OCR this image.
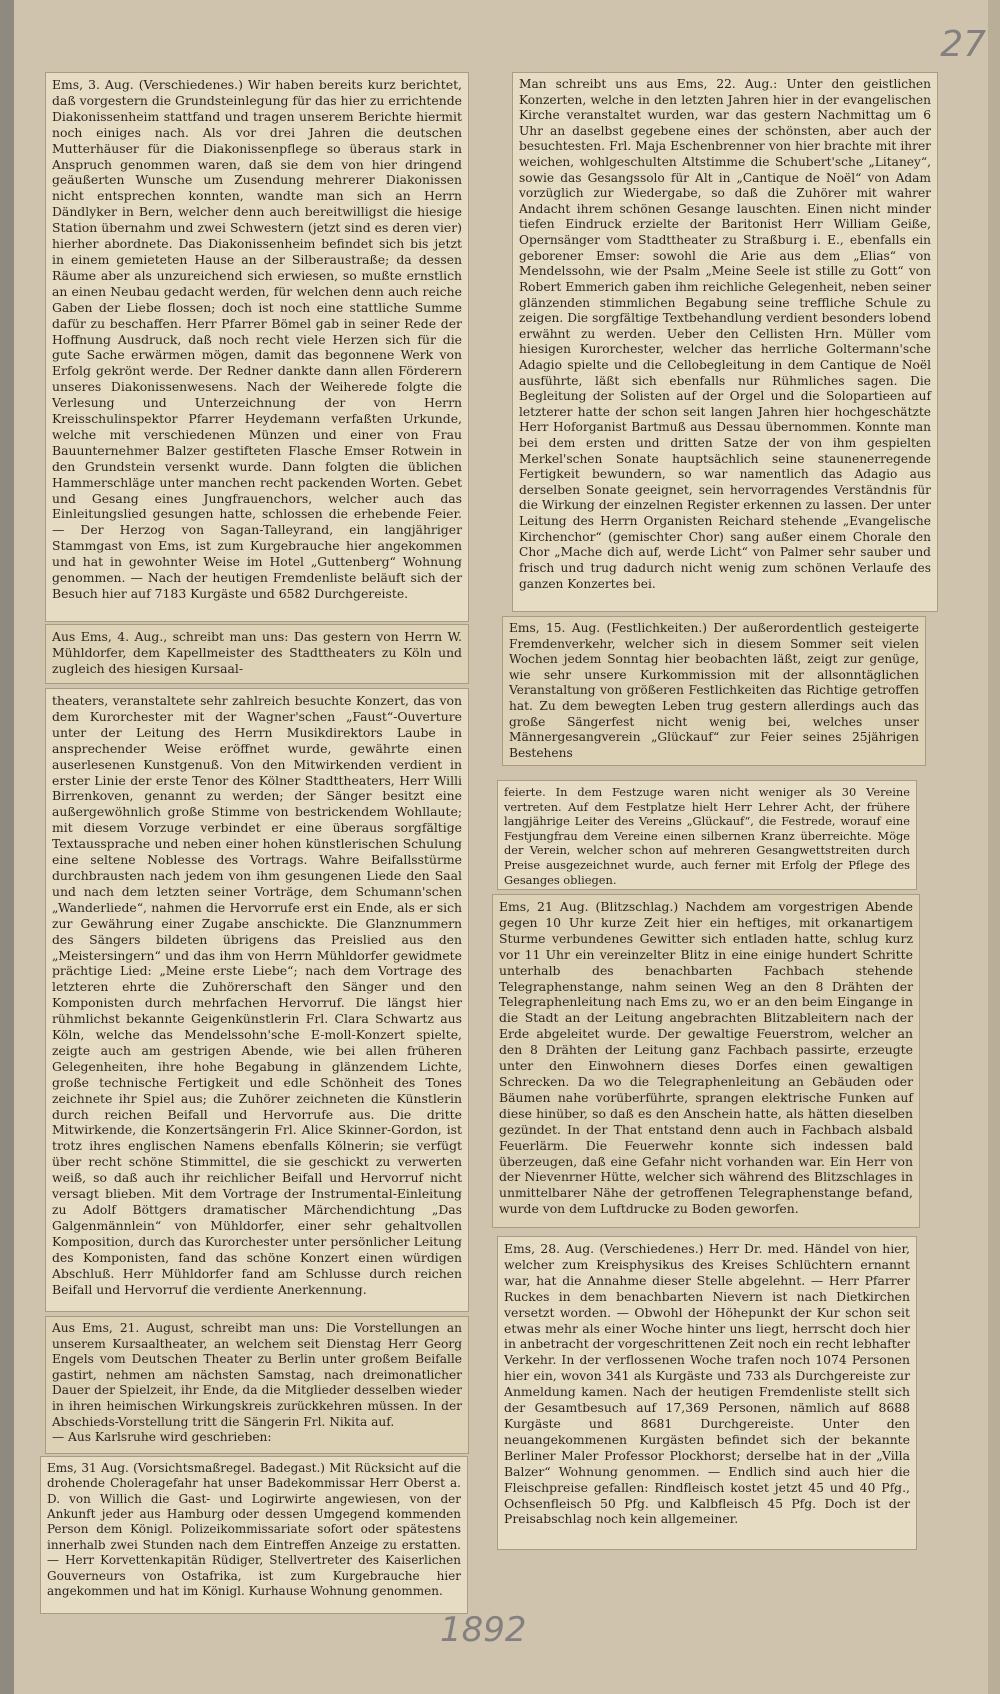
27

Ems, 3. Aug. (Verschiedenes.) Wir haben bereits kurz berichtet, daß vorgestern die Grundsteinlegung für das hier zu errichtende Diakonissenheim stattfand und tragen unserem Berichte hiermit noch einiges nach. Als vor drei Jahren die deutschen Mutterhäuser für die Diakonissenpflege so überaus stark in Anspruch genommen waren, daß sie dem von hier dringend geäußerten Wunsche um Zusendung mehrerer Diakonissen nicht entsprechen konnten, wandte man sich an Herrn Dändlyker in Bern, welcher denn auch bereitwilligst die hiesige Station übernahm und zwei Schwestern (jetzt sind es deren vier) hierher abordnete. Das Diakonissenheim befindet sich bis jetzt in einem gemieteten Hause an der Silberaustraße; da dessen Räume aber als unzureichend sich erwiesen, so mußte ernstlich an einen Neubau gedacht werden, für welchen denn auch reiche Gaben der Liebe flossen; doch ist noch eine stattliche Summe dafür zu beschaffen. Herr Pfarrer Bömel gab in seiner Rede der Hoffnung Ausdruck, daß noch recht viele Herzen sich für die gute Sache erwärmen mögen, damit das begonnene Werk von Erfolg gekrönt werde. Der Redner dankte dann allen Förderern unseres Diakonissenwesens. Nach der Weiherede folgte die Verlesung und Unterzeichnung der von Herrn Kreisschulinspektor Pfarrer Heydemann verfaßten Urkunde, welche mit verschiedenen Münzen und einer von Frau Bauunternehmer Balzer gestifteten Flasche Emser Rotwein in den Grundstein versenkt wurde. Dann folgten die üblichen Hammerschläge unter manchen recht packenden Worten. Gebet und Gesang eines Jungfrauenchors, welcher auch das Einleitungslied gesungen hatte, schlossen die erhebende Feier. — Der Herzog von Sagan-Talleyrand, ein langjähriger Stammgast von Ems, ist zum Kurgebrauche hier angekommen und hat in gewohnter Weise im Hotel „Guttenberg“ Wohnung genommen. — Nach der heutigen Fremdenliste beläuft sich der Besuch hier auf 7183 Kurgäste und 6582 Durchgereiste.

Aus Ems, 4. Aug., schreibt man uns: Das gestern von Herrn W. Mühldorfer, dem Kapellmeister des Stadttheaters zu Köln und zugleich des hiesigen Kursaal-

theaters, veranstaltete sehr zahlreich besuchte Konzert, das von dem Kurorchester mit der Wagner'schen „Faust“-Ouverture unter der Leitung des Herrn Musikdirektors Laube in ansprechender Weise eröffnet wurde, gewährte einen auserlesenen Kunstgenuß. Von den Mitwirkenden verdient in erster Linie der erste Tenor des Kölner Stadttheaters, Herr Willi Birrenkoven, genannt zu werden; der Sänger besitzt eine außergewöhnlich große Stimme von bestrickendem Wohllaute; mit diesem Vorzuge verbindet er eine überaus sorgfältige Textaussprache und neben einer hohen künstlerischen Schulung eine seltene Noblesse des Vortrags. Wahre Beifallsstürme durchbrausten nach jedem von ihm gesungenen Liede den Saal und nach dem letzten seiner Vorträge, dem Schumann'schen „Wanderliede“, nahmen die Hervorrufe erst ein Ende, als er sich zur Gewährung einer Zugabe anschickte. Die Glanznummern des Sängers bildeten übrigens das Preislied aus den „Meistersingern“ und das ihm von Herrn Mühldorfer gewidmete prächtige Lied: „Meine erste Liebe“; nach dem Vortrage des letzteren ehrte die Zuhörerschaft den Sänger und den Komponisten durch mehrfachen Hervorruf. Die längst hier rühmlichst bekannte Geigenkünstlerin Frl. Clara Schwartz aus Köln, welche das Mendelssohn'sche E-moll-Konzert spielte, zeigte auch am gestrigen Abende, wie bei allen früheren Gelegenheiten, ihre hohe Begabung in glänzendem Lichte, große technische Fertigkeit und edle Schönheit des Tones zeichnete ihr Spiel aus; die Zuhörer zeichneten die Künstlerin durch reichen Beifall und Hervorrufe aus. Die dritte Mitwirkende, die Konzertsängerin Frl. Alice Skinner-Gordon, ist trotz ihres englischen Namens ebenfalls Kölnerin; sie verfügt über recht schöne Stimmittel, die sie geschickt zu verwerten weiß, so daß auch ihr reichlicher Beifall und Hervorruf nicht versagt blieben. Mit dem Vortrage der Instrumental-Einleitung zu Adolf Böttgers dramatischer Märchendichtung „Das Galgenmännlein“ von Mühldorfer, einer sehr gehaltvollen Komposition, durch das Kurorchester unter persönlicher Leitung des Komponisten, fand das schöne Konzert einen würdigen Abschluß. Herr Mühldorfer fand am Schlusse durch reichen Beifall und Hervorruf die verdiente Anerkennung.

Aus Ems, 21. August, schreibt man uns: Die Vorstellungen an unserem Kursaaltheater, an welchem seit Dienstag Herr Georg Engels vom Deutschen Theater zu Berlin unter großem Beifalle gastirt, nehmen am nächsten Samstag, nach dreimonatlicher Dauer der Spielzeit, ihr Ende, da die Mitglieder desselben wieder in ihren heimischen Wirkungskreis zurückkehren müssen. In der Abschieds-Vorstellung tritt die Sängerin Frl. Nikita auf.
— Aus Karlsruhe wird geschrieben:

Ems, 31 Aug. (Vorsichtsmaßregel. Badegast.) Mit Rücksicht auf die drohende Choleragefahr hat unser Badekommissar Herr Oberst a. D. von Willich die Gast- und Logirwirte angewiesen, von der Ankunft jeder aus Hamburg oder dessen Umgegend kommenden Person dem Königl. Polizeikommissariate sofort oder spätestens innerhalb zwei Stunden nach dem Eintreffen Anzeige zu erstatten. — Herr Korvettenkapitän Rüdiger, Stellvertreter des Kaiserlichen Gouverneurs von Ostafrika, ist zum Kurgebrauche hier angekommen und hat im Königl. Kurhause Wohnung genommen.

Man schreibt uns aus Ems, 22. Aug.: Unter den geistlichen Konzerten, welche in den letzten Jahren hier in der evangelischen Kirche veranstaltet wurden, war das gestern Nachmittag um 6 Uhr an daselbst gegebene eines der schönsten, aber auch der besuchtesten. Frl. Maja Eschenbrenner von hier brachte mit ihrer weichen, wohlgeschulten Altstimme die Schubert'sche „Litaney“, sowie das Gesangssolo für Alt in „Cantique de Noël“ von Adam vorzüglich zur Wiedergabe, so daß die Zuhörer mit wahrer Andacht ihrem schönen Gesange lauschten. Einen nicht minder tiefen Eindruck erzielte der Baritonist Herr William Geiße, Opernsänger vom Stadttheater zu Straßburg i. E., ebenfalls ein geborener Emser: sowohl die Arie aus dem „Elias“ von Mendelssohn, wie der Psalm „Meine Seele ist stille zu Gott“ von Robert Emmerich gaben ihm reichliche Gelegenheit, neben seiner glänzenden stimmlichen Begabung seine treffliche Schule zu zeigen. Die sorgfältige Textbehandlung verdient besonders lobend erwähnt zu werden. Ueber den Cellisten Hrn. Müller vom hiesigen Kurorchester, welcher das herrliche Goltermann'sche Adagio spielte und die Cellobegleitung in dem Cantique de Noël ausführte, läßt sich ebenfalls nur Rühmliches sagen. Die Begleitung der Solisten auf der Orgel und die Solopartieen auf letzterer hatte der schon seit langen Jahren hier hochgeschätzte Herr Hoforganist Bartmuß aus Dessau übernommen. Konnte man bei dem ersten und dritten Satze der von ihm gespielten Merkel'schen Sonate hauptsächlich seine staunenerregende Fertigkeit bewundern, so war namentlich das Adagio aus derselben Sonate geeignet, sein hervorragendes Verständnis für die Wirkung der einzelnen Register erkennen zu lassen. Der unter Leitung des Herrn Organisten Reichard stehende „Evangelische Kirchenchor“ (gemischter Chor) sang außer einem Chorale den Chor „Mache dich auf, werde Licht“ von Palmer sehr sauber und frisch und trug dadurch nicht wenig zum schönen Verlaufe des ganzen Konzertes bei.

Ems, 15. Aug. (Festlichkeiten.) Der außerordentlich gesteigerte Fremdenverkehr, welcher sich in diesem Sommer seit vielen Wochen jedem Sonntag hier beobachten läßt, zeigt zur genüge, wie sehr unsere Kurkommission mit der allsonntäglichen Veranstaltung von größeren Festlichkeiten das Richtige getroffen hat. Zu dem bewegten Leben trug gestern allerdings auch das große Sängerfest nicht wenig bei, welches unser Männergesangverein „Glückauf“ zur Feier seines 25jährigen Bestehens

feierte. In dem Festzuge waren nicht weniger als 30 Vereine vertreten. Auf dem Festplatze hielt Herr Lehrer Acht, der frühere langjährige Leiter des Vereins „Glückauf“, die Festrede, worauf eine Festjungfrau dem Vereine einen silbernen Kranz überreichte. Möge der Verein, welcher schon auf mehreren Gesangwettstreiten durch Preise ausgezeichnet wurde, auch ferner mit Erfolg der Pflege des Gesanges obliegen.

Ems, 21 Aug. (Blitzschlag.) Nachdem am vorgestrigen Abende gegen 10 Uhr kurze Zeit hier ein heftiges, mit orkanartigem Sturme verbundenes Gewitter sich entladen hatte, schlug kurz vor 11 Uhr ein vereinzelter Blitz in eine einige hundert Schritte unterhalb des benachbarten Fachbach stehende Telegraphenstange, nahm seinen Weg an den 8 Drähten der Telegraphenleitung nach Ems zu, wo er an den beim Eingange in die Stadt an der Leitung angebrachten Blitzableitern nach der Erde abgeleitet wurde. Der gewaltige Feuerstrom, welcher an den 8 Drähten der Leitung ganz Fachbach passirte, erzeugte unter den Einwohnern dieses Dorfes einen gewaltigen Schrecken. Da wo die Telegraphenleitung an Gebäuden oder Bäumen nahe vorüberführte, sprangen elektrische Funken auf diese hinüber, so daß es den Anschein hatte, als hätten dieselben gezündet. In der That entstand denn auch in Fachbach alsbald Feuerlärm. Die Feuerwehr konnte sich indessen bald überzeugen, daß eine Gefahr nicht vorhanden war. Ein Herr von der Nievenrner Hütte, welcher sich während des Blitzschlages in unmittelbarer Nähe der getroffenen Telegraphenstange befand, wurde von dem Luftdrucke zu Boden geworfen.

Ems, 28. Aug. (Verschiedenes.) Herr Dr. med. Händel von hier, welcher zum Kreisphysikus des Kreises Schlüchtern ernannt war, hat die Annahme dieser Stelle abgelehnt. — Herr Pfarrer Ruckes in dem benachbarten Nievern ist nach Dietkirchen versetzt worden. — Obwohl der Höhepunkt der Kur schon seit etwas mehr als einer Woche hinter uns liegt, herrscht doch hier in anbetracht der vorgeschrittenen Zeit noch ein recht lebhafter Verkehr. In der verflossenen Woche trafen noch 1074 Personen hier ein, wovon 341 als Kurgäste und 733 als Durchgereiste zur Anmeldung kamen. Nach der heutigen Fremdenliste stellt sich der Gesamtbesuch auf 17,369 Personen, nämlich auf 8688 Kurgäste und 8681 Durchgereiste. Unter den neuangekommenen Kurgästen befindet sich der bekannte Berliner Maler Professor Plockhorst; derselbe hat in der „Villa Balzer“ Wohnung genommen. — Endlich sind auch hier die Fleischpreise gefallen: Rindfleisch kostet jetzt 45 und 40 Pfg., Ochsenfleisch 50 Pfg. und Kalbfleisch 45 Pfg. Doch ist der Preisabschlag noch kein allgemeiner.

1892
